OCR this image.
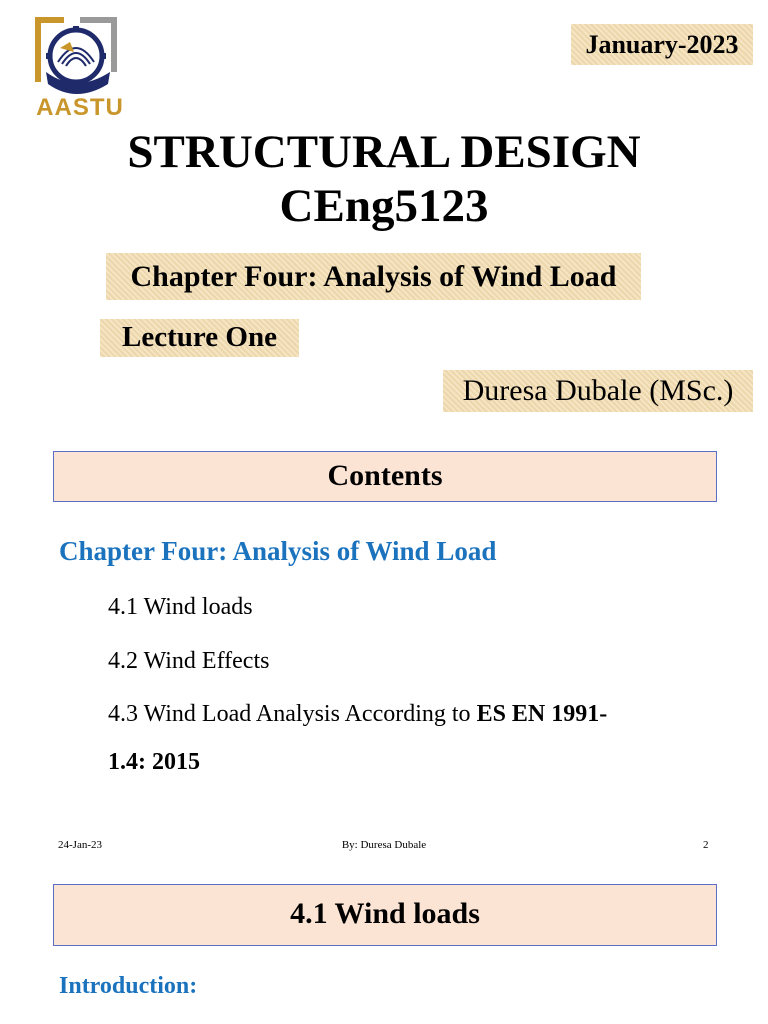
AASTU
January-2023
STRUCTURAL DESIGN
CEng5123
Chapter Four: Analysis of Wind Load
Lecture One
Duresa Dubale (MSc.)
Contents
Chapter Four: Analysis of Wind Load
4.1 Wind loads
4.2 Wind Effects
4.3 Wind Load Analysis According to ES EN 1991-
1.4: 2015
24-Jan-23	By: Duresa Dubale	2
4.1 Wind loads
Introduction:
